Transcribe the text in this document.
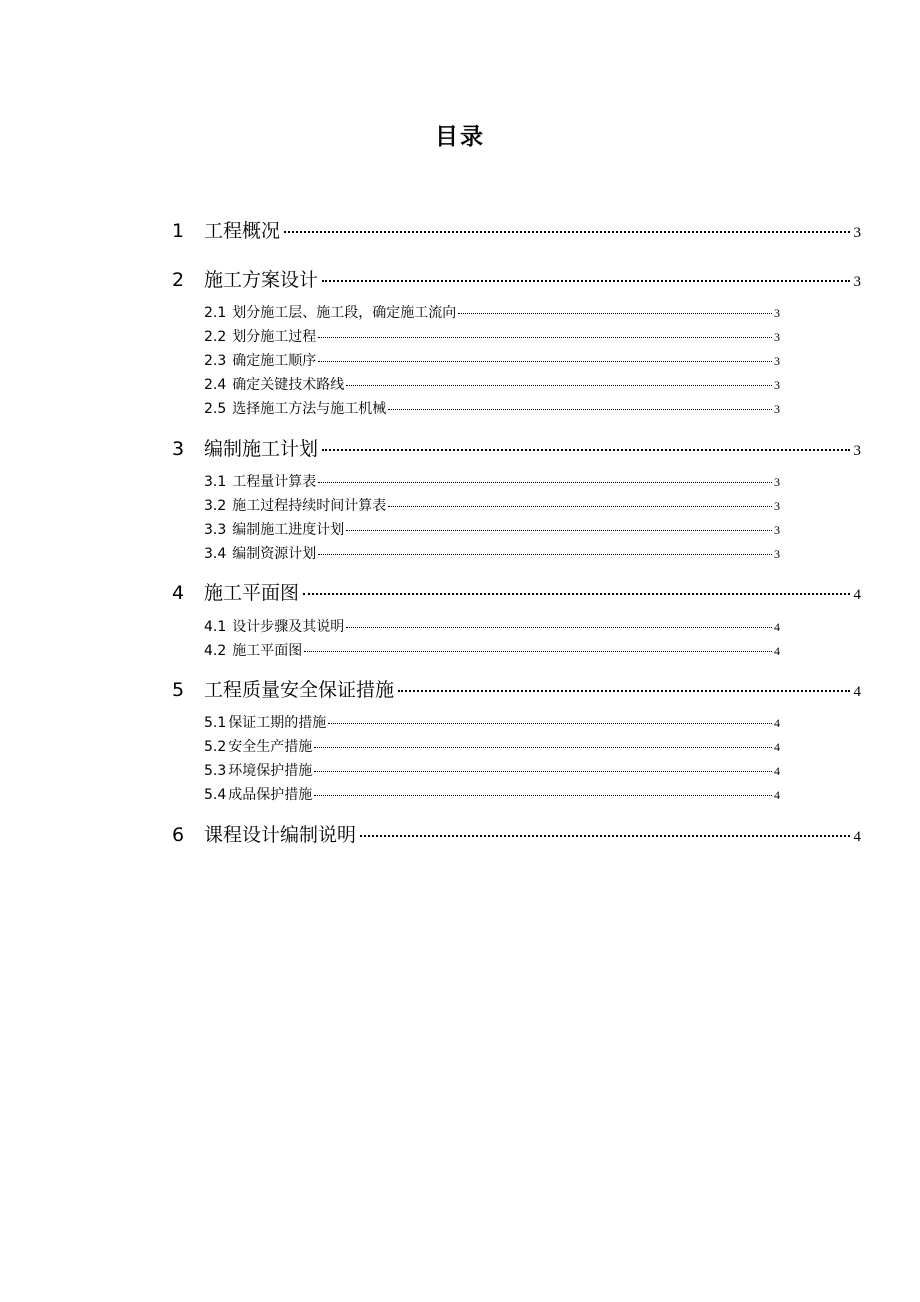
目录
1	工程概况	3
2	施工方案设计	3
2.1 划分施工层、施工段，确定施工流向	3
2.2 划分施工过程	3
2.3 确定施工顺序	3
2.4 确定关键技术路线	3
2.5 选择施工方法与施工机械	3
3	编制施工计划	3
3.1 工程量计算表	3
3.2 施工过程持续时间计算表	3
3.3 编制施工进度计划	3
3.4 编制资源计划	3
4	施工平面图	4
4.1 设计步骤及其说明	4
4.2 施工平面图	4
5	工程质量安全保证措施	4
5.1 保证工期的措施	4
5.2 安全生产措施	4
5.3 环境保护措施	4
5.4 成品保护措施	4
6	课程设计编制说明	4
